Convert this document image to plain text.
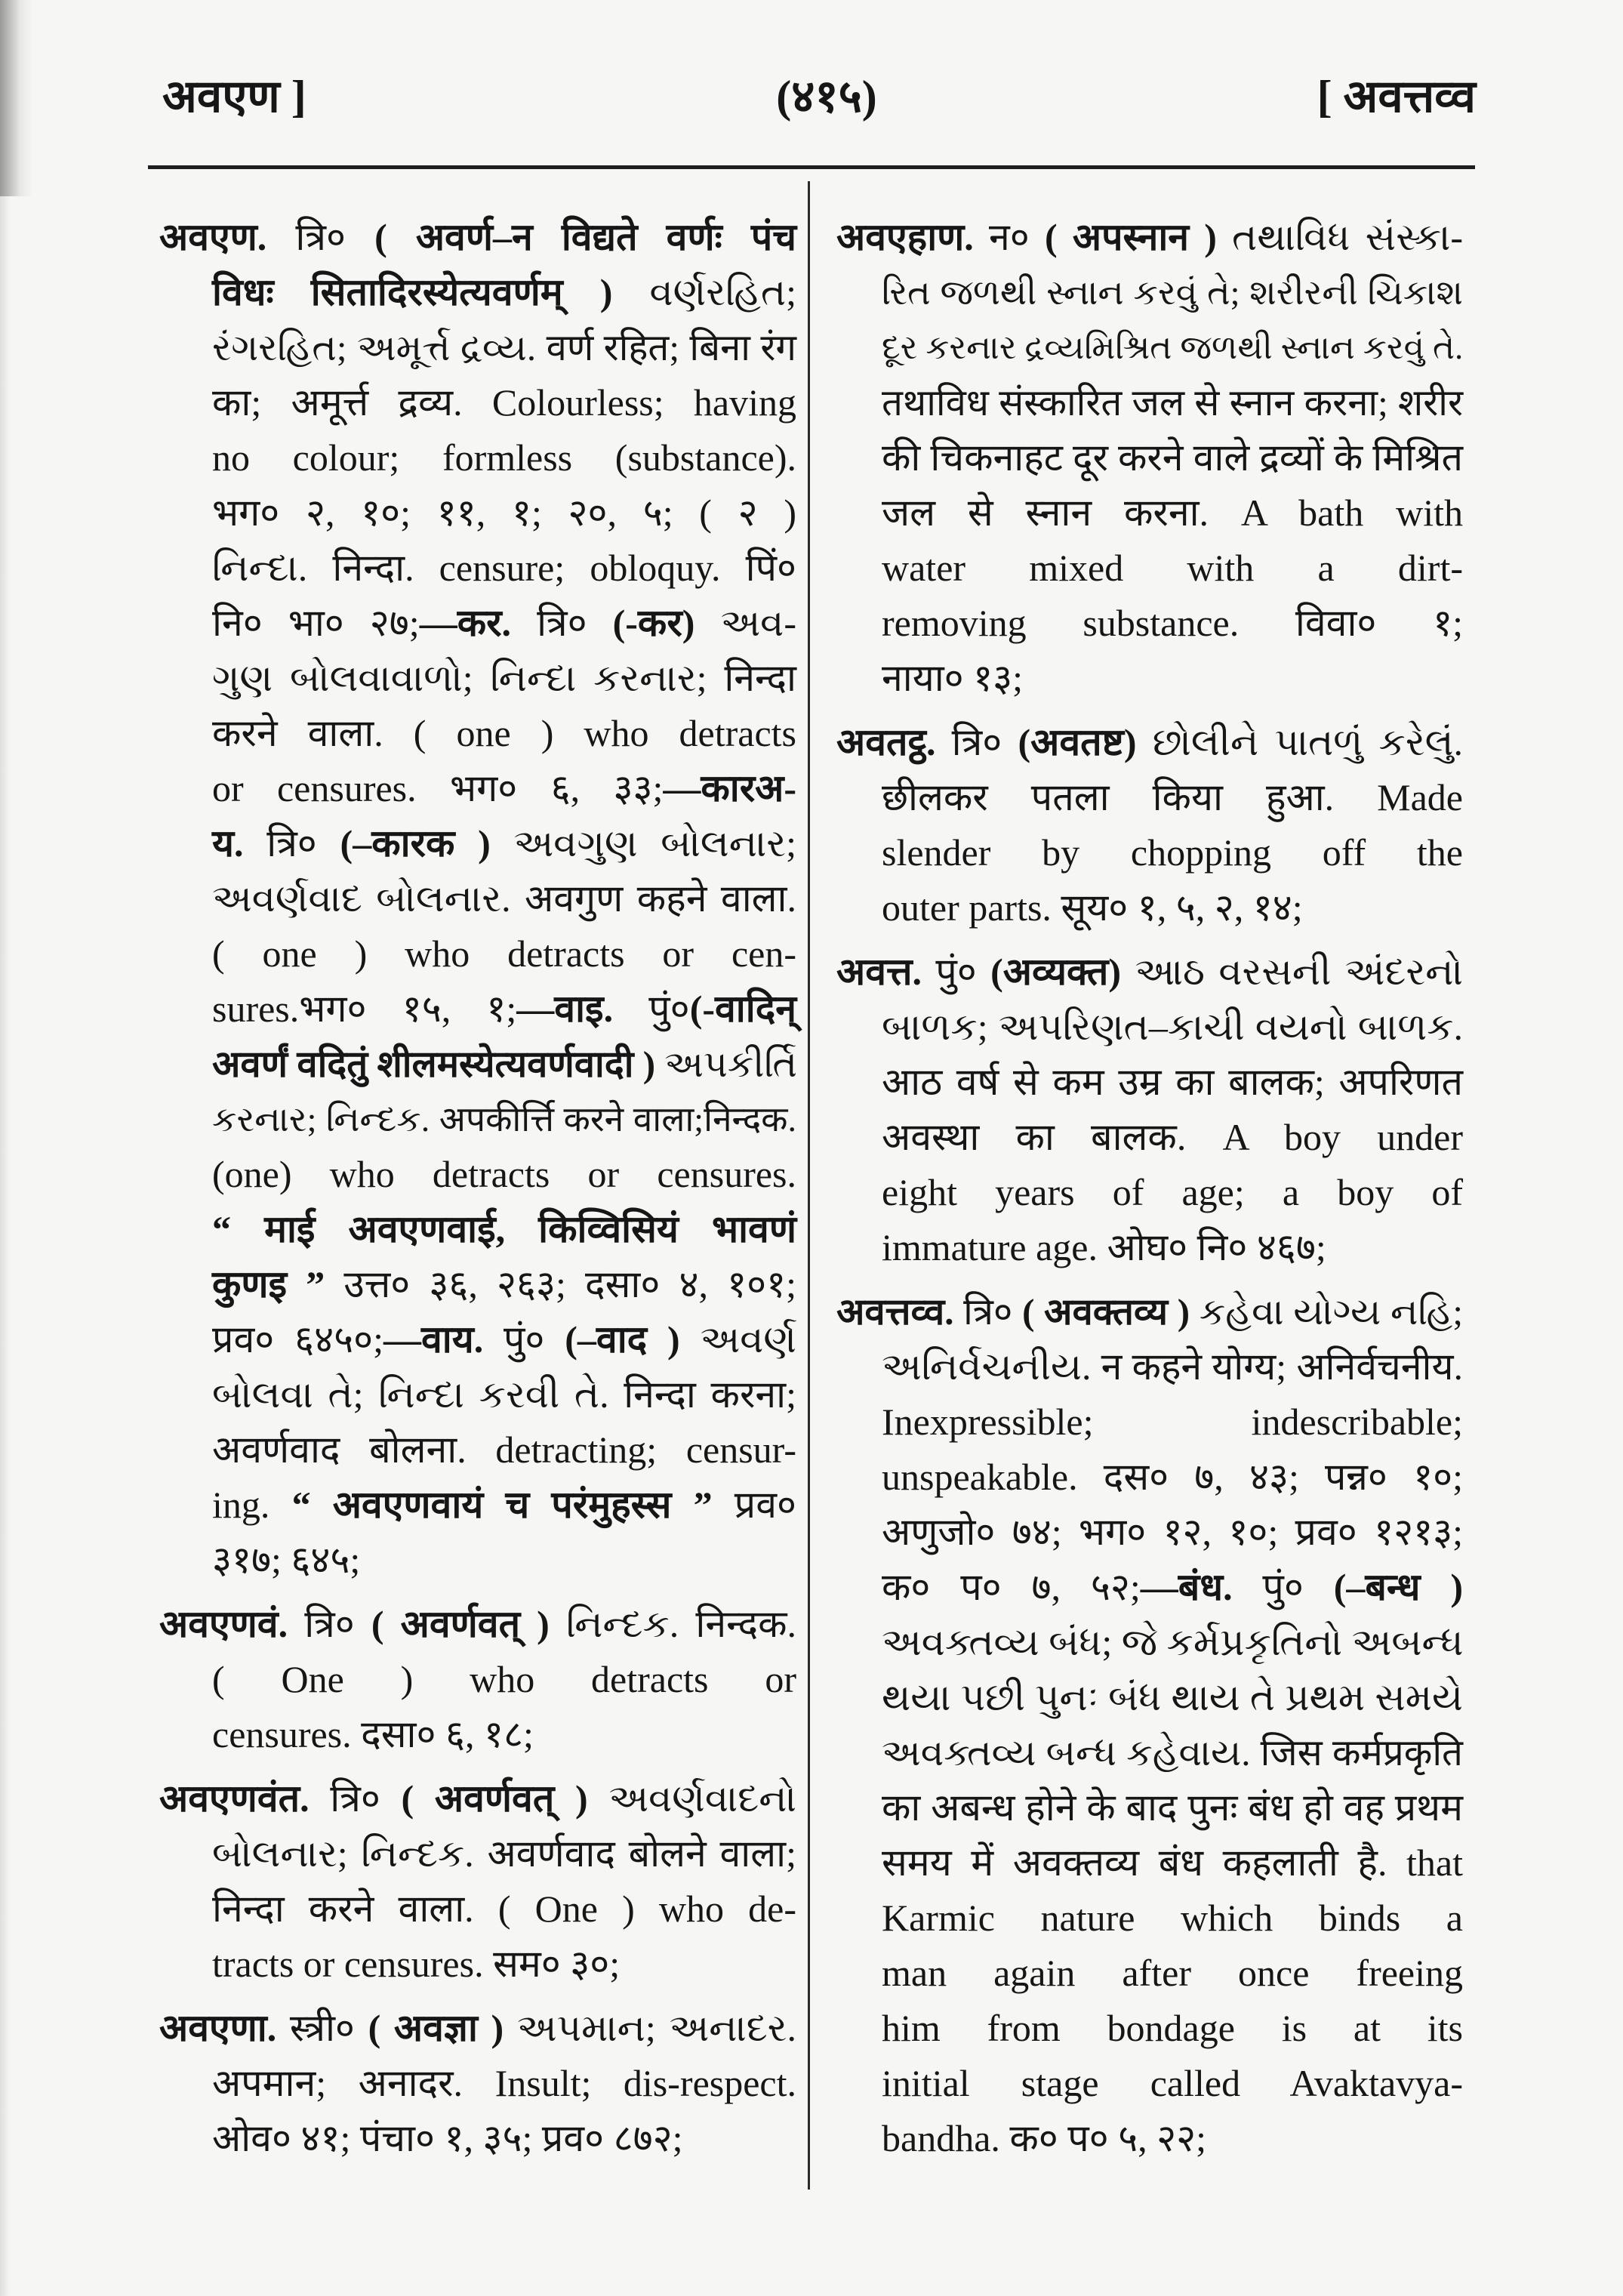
अवएण ]	(४१५)	[ अवत्तव्व
अवएण. त्रि० ( अवर्ण–न विद्यते वर्णः पंच
विधः सितादिरस्येत्यवर्णम् ) વર્ણરહિત;
રંગરહિત; અમૂર્ત્ત દ્રવ્ય. वर्ण रहित; बिना रंग
का; अमूर्त्त द्रव्य. Colourless; having
no colour; formless (substance).
भग० २, १०; ११, १; २०, ५; ( २ )
નિન્દા. निन्दा. censure; obloquy. पिं०
नि० भा० २७;—कर. त्रि० (-कर) અવ-
ગુણ બોલવાવાળો; નિન્દા કરનાર; निन्दा
करने वाला. ( one ) who detracts
or censures. भग० ६, ३३;—कारअ-
य. त्रि० (–कारक ) અવગુણ બોલનાર;
અવર્ણવાદ બોલનાર. अवगुण कहने वाला.
( one ) who detracts or cen-
sures.भग० १५, १;—वाइ. पुं०(-वादिन्
अवर्णं वदितुं शीलमस्येत्यवर्णवादी ) અપકીર્તિ
કરનાર; નિન્દક. अपकीर्त्ति करने वाला;निन्दक.
(one) who detracts or censures.
“ माई अवएणवाई, किव्विसियं भावणं
कुणइ ” उत्त० ३६, २६३; दसा० ४, १०१;
प्रव० ६४५०;—वाय. पुं० (–वाद ) અવર્ણ
બોલવા તે; નિન્દા કરવી તે. निन्दा करना;
अवर्णवाद बोलना. detracting; censur-
ing. “ अवएणवायं च परंमुहस्स ” प्रव०
३१७; ६४५;
अवएणवं. त्रि० ( अवर्णवत् ) નિન્દક. निन्दक.
( One ) who detracts or
censures. दसा० ६, १८;
अवएणवंत. त्रि० ( अवर्णवत् ) અવર્ણવાદનો
બોલનાર; નિન્દક. अवर्णवाद बोलने वाला;
निन्दा करने वाला. ( One ) who de-
tracts or censures. सम० ३०;
अवएणा. स्त्री० ( अवज्ञा ) અપમાન; અનાદર.
अपमान; अनादर. Insult; dis-respect.
ओव० ४१; पंचा० १, ३५; प्रव० ८७२;
अवएहाण. न० ( अपस्नान ) તથાવિધ સંસ્કા-
રિત જળથી સ્નાન કરવું તે; શરીરની ચિકાશ
દૂર કરનાર દ્રવ્યમિશ્રિત જળથી સ્નાન કરવું તે.
तथाविध संस्कारित जल से स्नान करना; शरीर
की चिकनाहट दूर करने वाले द्रव्यों के मिश्रित
जल से स्नान करना. A bath with
water mixed with a dirt-
removing substance. विवा० १;
नाया० १३;
अवतट्ठ. त्रि० (अवतष्ट) છોલીને પાતળું કરેલું.
छीलकर पतला किया हुआ. Made
slender by chopping off the
outer parts. सूय० १, ५, २, १४;
अवत्त. पुं० (अव्यक्त) આઠ વરસની અંદરનો
બાળક; અપરિણત–કાચી વયનો બાળક.
आठ वर्ष से कम उम्र का बालक; अपरिणत
अवस्था का बालक. A boy under
eight years of age; a boy of
immature age. ओघ० नि० ४६७;
अवत्तव्व. त्रि० ( अवक्तव्य ) કહેવા યોગ્ય નહિ;
અનિર્વચનીય. न कहने योग्य; अनिर्वचनीय.
Inexpressible; indescribable;
unspeakable. दस० ७, ४३; पन्न० १०;
अणुजो० ७४; भग० १२, १०; प्रव० १२१३;
क० प० ७, ५२;—बंध. पुं० (–बन्ध )
અવક્તવ્ય બંધ; જે કર્મપ્રકૃતિનો અબન્ધ
થયા પછી પુનઃ બંધ થાય તે પ્રથમ સમયે
અવક્તવ્ય બન્ધ કહેવાય. जिस कर्मप्रकृति
का अबन्ध होने के बाद पुनः बंध हो वह प्रथम
समय में अवक्तव्य बंध कहलाती है. that
Karmic nature which binds a
man again after once freeing
him from bondage is at its
initial stage called Avaktavya-
bandha. क० प० ५, २२;
